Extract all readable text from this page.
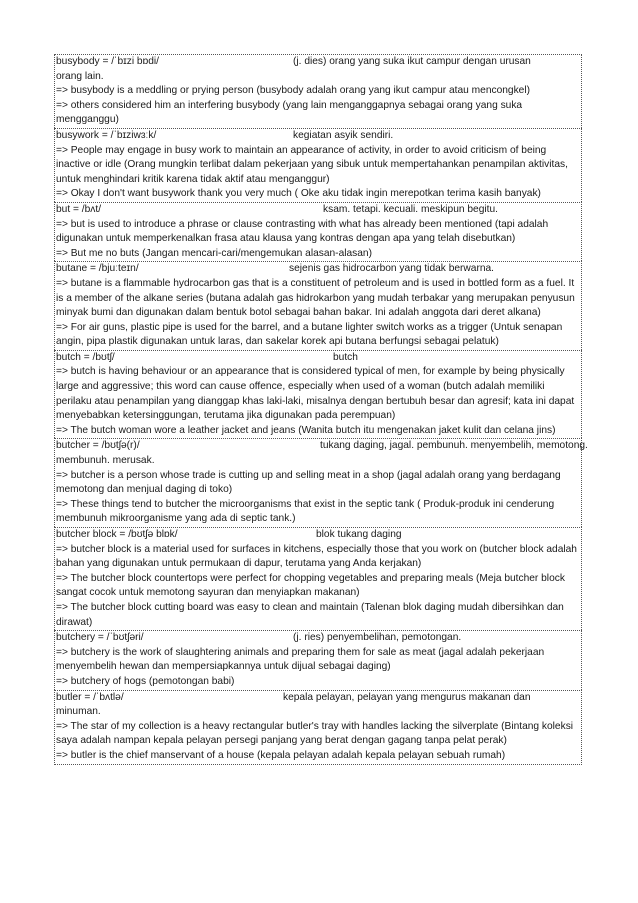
busybody = /ˈbɪzi bɒdi/	(j. dies) orang yang suka ikut campur dengan urusan
orang lain.
=> busybody is a meddling or prying person (busybody adalah orang yang ikut campur atau mencongkel)
=> others considered him an interfering busybody (yang lain menganggapnya sebagai orang yang suka mengganggu)
busywork = /ˈbɪziwɜːk/	kegiatan asyik sendiri.
=> People may engage in busy work to maintain an appearance of activity, in order to avoid criticism of being inactive or idle (Orang mungkin terlibat dalam pekerjaan yang sibuk untuk mempertahankan penampilan aktivitas, untuk menghindari kritik karena tidak aktif atau menganggur)
=> Okay I don't want busywork thank you very much ( Oke aku tidak ingin merepotkan terima kasih banyak)
but = /bʌt/	ksam. tetapi. kecuali. meskipun begitu.
=> but is used to introduce a phrase or clause contrasting with what has already been mentioned (tapi adalah digunakan untuk memperkenalkan frasa atau klausa yang kontras dengan apa yang telah disebutkan)
=> But me no buts (Jangan mencari-cari/mengemukan alasan-alasan)
butane = /bjuːteɪn/	sejenis gas hidrocarbon yang tidak berwarna.
=> butane is a flammable hydrocarbon gas that is a constituent of petroleum and is used in bottled form as a fuel. It is a member of the alkane series (butana adalah gas hidrokarbon yang mudah terbakar yang merupakan penyusun minyak bumi dan digunakan dalam bentuk botol sebagai bahan bakar. Ini adalah anggota dari deret alkana)
=> For air guns, plastic pipe is used for the barrel, and a butane lighter switch works as a trigger (Untuk senapan angin, pipa plastik digunakan untuk laras, dan sakelar korek api butana berfungsi sebagai pelatuk)
butch = /bʊtʃ/	butch
=> butch is having behaviour or an appearance that is considered typical of men, for example by being physically large and aggressive; this word can cause offence, especially when used of a woman (butch adalah memiliki perilaku atau penampilan yang dianggap khas laki-laki, misalnya dengan bertubuh besar dan agresif; kata ini dapat menyebabkan ketersinggungan, terutama jika digunakan pada perempuan)
=> The butch woman wore a leather jacket and jeans (Wanita butch itu mengenakan jaket kulit dan celana jins)
butcher = /bʊtʃə(r)/	tukang daging, jagal. pembunuh. menyembelih, memotong.
membunuh. merusak.
=> butcher is a person whose trade is cutting up and selling meat in a shop (jagal adalah orang yang berdagang memotong dan menjual daging di toko)
=> These things tend to butcher the microorganisms that exist in the septic tank ( Produk-produk ini cenderung membunuh mikroorganisme yang ada di septic tank.)
butcher block = /bʊtʃə blɒk/	blok tukang daging
=> butcher block is a material used for surfaces in kitchens, especially those that you work on (butcher block adalah bahan yang digunakan untuk permukaan di dapur, terutama yang Anda kerjakan)
=> The butcher block countertops were perfect for chopping vegetables and preparing meals (Meja butcher block sangat cocok untuk memotong sayuran dan menyiapkan makanan)
=> The butcher block cutting board was easy to clean and maintain (Talenan blok daging mudah dibersihkan dan dirawat)
butchery = /ˈbʊtʃəri/	(j. ries) penyembelihan, pemotongan.
=> butchery is the work of slaughtering animals and preparing them for sale as meat (jagal adalah pekerjaan menyembelih hewan dan mempersiapkannya untuk dijual sebagai daging)
=> butchery of hogs (pemotongan babi)
butler = /ˈbʌtlə/	kepala pelayan, pelayan yang mengurus makanan dan
minuman.
=> The star of my collection is a heavy rectangular butler's tray with handles lacking the silverplate (Bintang koleksi saya adalah nampan kepala pelayan persegi panjang yang berat dengan gagang tanpa pelat perak)
=> butler is the chief manservant of a house (kepala pelayan adalah kepala pelayan sebuah rumah)
